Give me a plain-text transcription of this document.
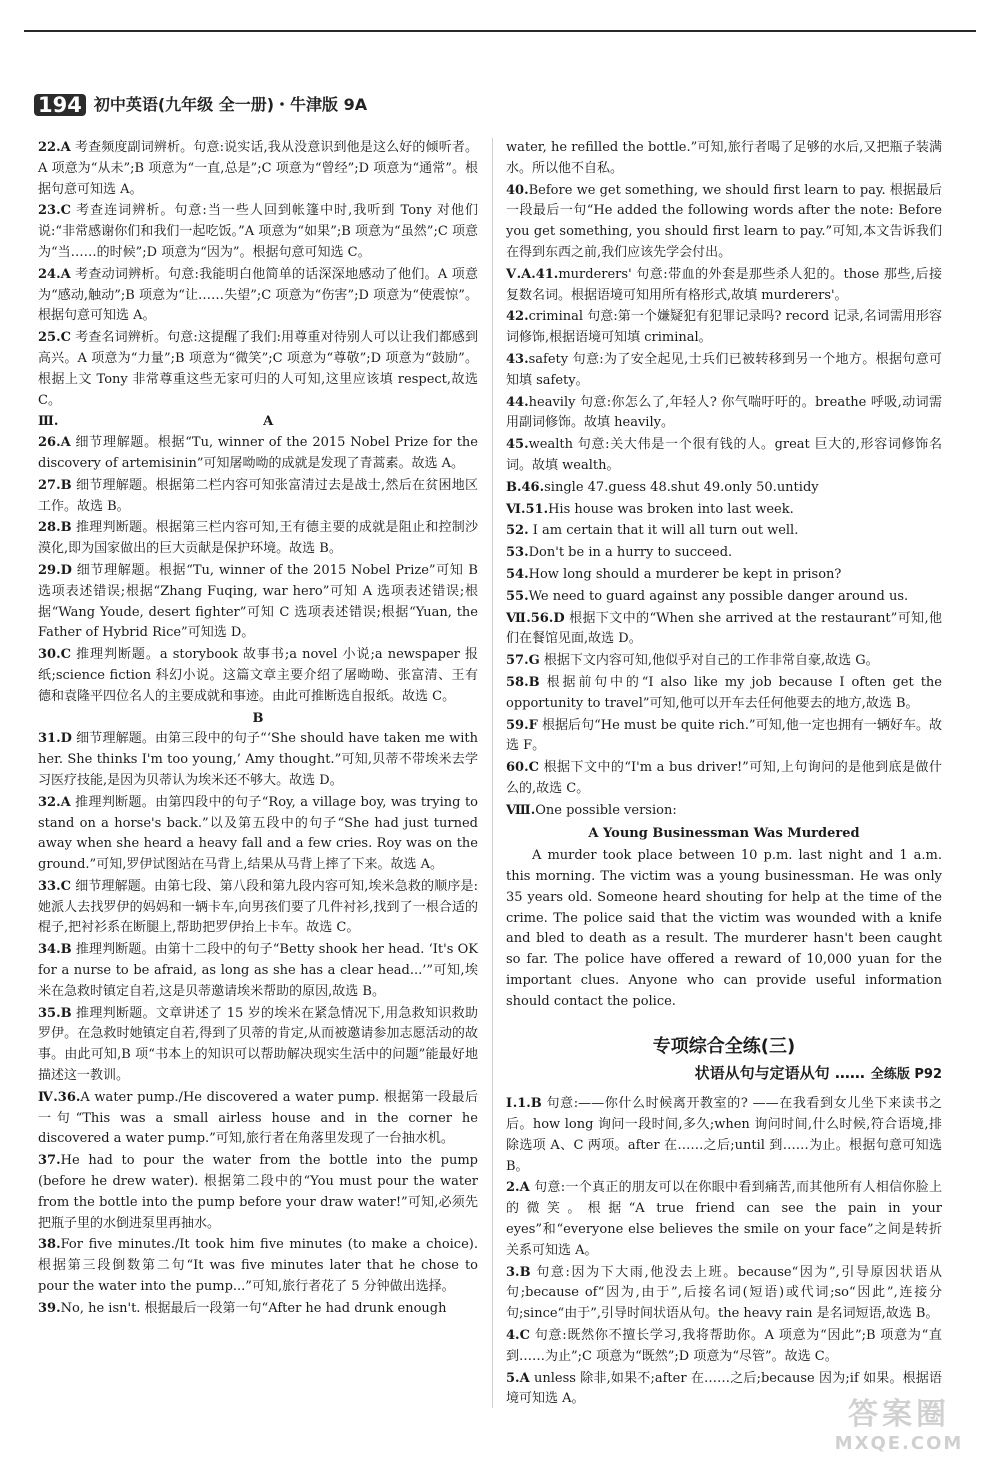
194 初中英语(九年级 全一册)・牛津版 9A

22.A 考查频度副词辨析。句意:说实话,我从没意识到他是这么好的倾听者。A 项意为“从未”;B 项意为“一直,总是”;C 项意为“曾经”;D 项意为“通常”。根据句意可知选 A。

23.C 考查连词辨析。句意:当一些人回到帐篷中时,我听到 Tony 对他们说:“非常感谢你们和我们一起吃饭。”A 项意为“如果”;B 项意为“虽然”;C 项意为“当……的时候”;D 项意为“因为”。根据句意可知选 C。

24.A 考查动词辨析。句意:我能明白他简单的话深深地感动了他们。A 项意为“感动,触动”;B 项意为“让……失望”;C 项意为“伤害”;D 项意为“使震惊”。根据句意可知选 A。

25.C 考查名词辨析。句意:这提醒了我们:用尊重对待别人可以让我们都感到高兴。A 项意为“力量”;B 项意为“微笑”;C 项意为“尊敬”;D 项意为“鼓励”。根据上文 Tony 非常尊重这些无家可归的人可知,这里应该填 respect,故选 C。

Ⅲ.	A

26.A 细节理解题。根据“Tu, winner of the 2015 Nobel Prize for the discovery of artemisinin”可知屠呦呦的成就是发现了青蒿素。故选 A。

27.B 细节理解题。根据第二栏内容可知张富清过去是战士,然后在贫困地区工作。故选 B。

28.B 推理判断题。根据第三栏内容可知,王有德主要的成就是阻止和控制沙漠化,即为国家做出的巨大贡献是保护环境。故选 B。

29.D 细节理解题。根据“Tu, winner of the 2015 Nobel Prize”可知 B 选项表述错误;根据“Zhang Fuqing, war hero”可知 A 选项表述错误;根据“Wang Youde, desert fighter”可知 C 选项表述错误;根据“Yuan, the Father of Hybrid Rice”可知选 D。

30.C 推理判断题。a storybook 故事书;a novel 小说;a newspaper 报纸;science fiction 科幻小说。这篇文章主要介绍了屠呦呦、张富清、王有德和袁隆平四位名人的主要成就和事迹。由此可推断选自报纸。故选 C。

B

31.D 细节理解题。由第三段中的句子“‘She should have taken me with her. She thinks I'm too young,’ Amy thought.”可知,贝蒂不带埃米去学习医疗技能,是因为贝蒂认为埃米还不够大。故选 D。

32.A 推理判断题。由第四段中的句子“Roy, a village boy, was trying to stand on a horse's back.”以及第五段中的句子“She had just turned away when she heard a heavy fall and a few cries. Roy was on the ground.”可知,罗伊试图站在马背上,结果从马背上摔了下来。故选 A。

33.C 细节理解题。由第七段、第八段和第九段内容可知,埃米急救的顺序是:她派人去找罗伊的妈妈和一辆卡车,向男孩们要了几件衬衫,找到了一根合适的棍子,把衬衫系在断腿上,帮助把罗伊抬上卡车。故选 C。

34.B 推理判断题。由第十二段中的句子“Betty shook her head. ‘It's OK for a nurse to be afraid, as long as she has a clear head...’”可知,埃米在急救时镇定自若,这是贝蒂邀请埃米帮助的原因,故选 B。

35.B 推理判断题。文章讲述了 15 岁的埃米在紧急情况下,用急救知识救助罗伊。在急救时她镇定自若,得到了贝蒂的肯定,从而被邀请参加志愿活动的故事。由此可知,B 项“书本上的知识可以帮助解决现实生活中的问题”能最好地描述这一教训。

Ⅳ.36.A water pump./He discovered a water pump. 根据第一段最后一句“This was a small airless house and in the corner he discovered a water pump.”可知,旅行者在角落里发现了一台抽水机。

37.He had to pour the water from the bottle into the pump (before he drew water). 根据第二段中的“You must pour the water from the bottle into the pump before your draw water!”可知,必须先把瓶子里的水倒进泵里再抽水。

38.For five minutes./It took him five minutes (to make a choice). 根据第三段倒数第二句“It was five minutes later that he chose to pour the water into the pump...”可知,旅行者花了 5 分钟做出选择。

39.No, he isn't. 根据最后一段第一句“After he had drunk enough

water, he refilled the bottle.”可知,旅行者喝了足够的水后,又把瓶子装满水。所以他不自私。

40.Before we get something, we should first learn to pay. 根据最后一段最后一句“He added the following words after the note: Before you get something, you should first learn to pay.”可知,本文告诉我们在得到东西之前,我们应该先学会付出。

Ⅴ.A.41.murderers' 句意:带血的外套是那些杀人犯的。those 那些,后接复数名词。根据语境可知用所有格形式,故填 murderers'。

42.criminal 句意:第一个嫌疑犯有犯罪记录吗? record 记录,名词需用形容词修饰,根据语境可知填 criminal。

43.safety 句意:为了安全起见,士兵们已被转移到另一个地方。根据句意可知填 safety。

44.heavily 句意:你怎么了,年轻人? 你气喘吁吁的。breathe 呼吸,动词需用副词修饰。故填 heavily。

45.wealth 句意:关大伟是一个很有钱的人。great 巨大的,形容词修饰名词。故填 wealth。

B.46.single 47.guess 48.shut 49.only 50.untidy

Ⅵ.51.His house was broken into last week.

52. I am certain that it will all turn out well.

53.Don't be in a hurry to succeed.

54.How long should a murderer be kept in prison?

55.We need to guard against any possible danger around us.

Ⅶ.56.D 根据下文中的“When she arrived at the restaurant”可知,他们在餐馆见面,故选 D。

57.G 根据下文内容可知,他似乎对自己的工作非常自豪,故选 G。

58.B 根据前句中的“I also like my job because I often get the opportunity to travel”可知,他可以开车去任何他要去的地方,故选 B。

59.F 根据后句“He must be quite rich.”可知,他一定也拥有一辆好车。故选 F。

60.C 根据下文中的“I'm a bus driver!”可知,上句询问的是他到底是做什么的,故选 C。

Ⅷ.One possible version:

A Young Businessman Was Murdered

A murder took place between 10 p.m. last night and 1 a.m. this morning. The victim was a young businessman. He was only 35 years old. Someone heard shouting for help at the time of the crime. The police said that the victim was wounded with a knife and bled to death as a result. The murderer hasn't been caught so far. The police have offered a reward of 10,000 yuan for the important clues. Anyone who can provide useful information should contact the police.

专项综合全练(三)
状语从句与定语从句 …… 全练版 P92

Ⅰ.1.B 句意:——你什么时候离开教室的? ——在我看到女儿坐下来读书之后。how long 询问一段时间,多久;when 询问时间,什么时候,符合语境,排除选项 A、C 两项。after 在……之后;until 到……为止。根据句意可知选 B。

2.A 句意:一个真正的朋友可以在你眼中看到痛苦,而其他所有人相信你脸上的微笑。根据“A true friend can see the pain in your eyes”和“everyone else believes the smile on your face”之间是转折关系可知选 A。

3.B 句意:因为下大雨,他没去上班。because“因为”,引导原因状语从句;because of“因为,由于”,后接名词(短语)或代词;so“因此”,连接分句;since“由于”,引导时间状语从句。the heavy rain 是名词短语,故选 B。

4.C 句意:既然你不擅长学习,我将帮助你。A 项意为“因此”;B 项意为“直到……为止”;C 项意为“既然”;D 项意为“尽管”。故选 C。

5.A unless 除非,如果不;after 在……之后;because 因为;if 如果。根据语境可知选 A。	答案圈
MXQE.COM
